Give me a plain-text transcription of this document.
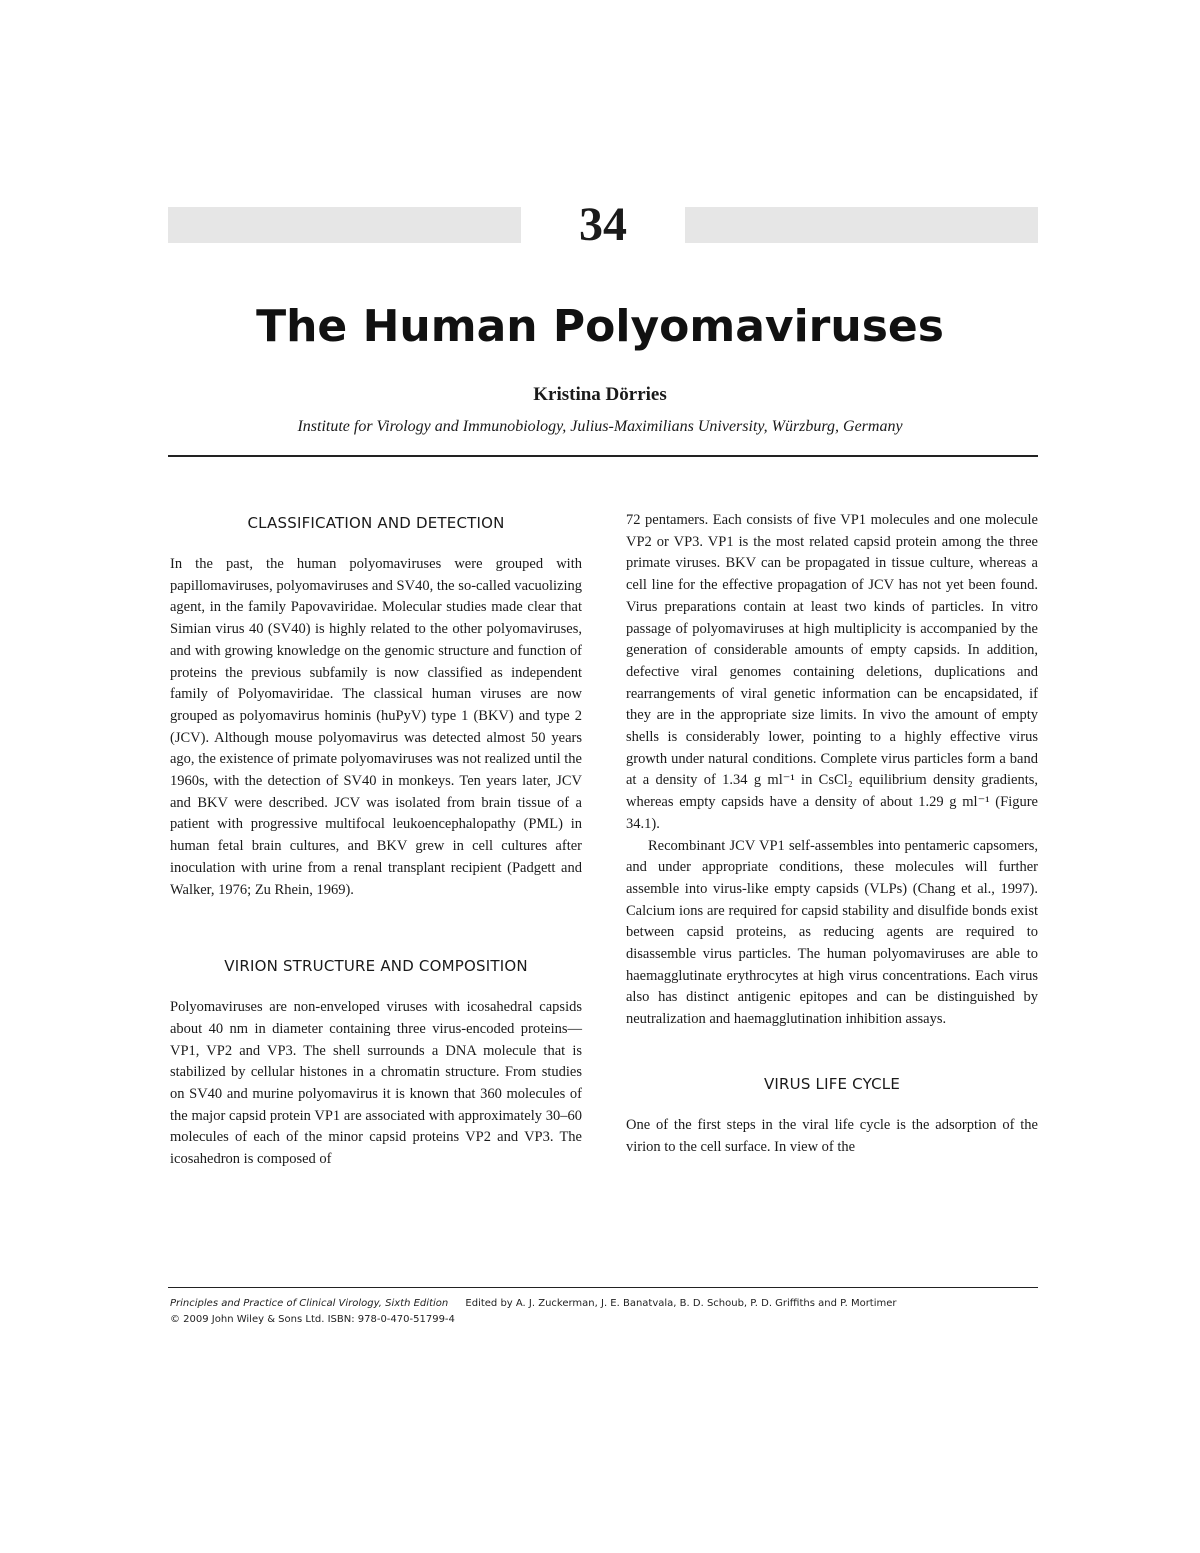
34
The Human Polyomaviruses
Kristina Dörries
Institute for Virology and Immunobiology, Julius-Maximilians University, Würzburg, Germany
CLASSIFICATION AND DETECTION

In the past, the human polyomaviruses were grouped with papillomaviruses, polyomaviruses and SV40, the so-called vacuolizing agent, in the family Papovaviridae. Molecular studies made clear that Simian virus 40 (SV40) is highly related to the other polyomaviruses, and with growing knowledge on the genomic structure and function of proteins the previous subfamily is now classified as independent family of Polyomaviridae. The classical human viruses are now grouped as polyomavirus hominis (huPyV) type 1 (BKV) and type 2 (JCV). Although mouse polyomavirus was detected almost 50 years ago, the existence of primate polyomaviruses was not realized until the 1960s, with the detection of SV40 in monkeys. Ten years later, JCV and BKV were described. JCV was isolated from brain tissue of a patient with progressive multifocal leukoencephalopathy (PML) in human fetal brain cultures, and BKV grew in cell cultures after inoculation with urine from a renal transplant recipient (Padgett and Walker, 1976; Zu Rhein, 1969).

VIRION STRUCTURE AND COMPOSITION

Polyomaviruses are non-enveloped viruses with icosahedral capsids about 40 nm in diameter containing three virus-encoded proteins—VP1, VP2 and VP3. The shell surrounds a DNA molecule that is stabilized by cellular histones in a chromatin structure. From studies on SV40 and murine polyomavirus it is known that 360 molecules of the major capsid protein VP1 are associated with approximately 30–60 molecules of each of the minor capsid proteins VP2 and VP3. The icosahedron is composed of

72 pentamers. Each consists of five VP1 molecules and one molecule VP2 or VP3. VP1 is the most related capsid protein among the three primate viruses. BKV can be propagated in tissue culture, whereas a cell line for the effective propagation of JCV has not yet been found. Virus preparations contain at least two kinds of particles. In vitro passage of polyomaviruses at high multiplicity is accompanied by the generation of considerable amounts of empty capsids. In addition, defective viral genomes containing deletions, duplications and rearrangements of viral genetic information can be encapsidated, if they are in the appropriate size limits. In vivo the amount of empty shells is considerably lower, pointing to a highly effective virus growth under natural conditions. Complete virus particles form a band at a density of 1.34 g ml⁻¹ in CsCl₂ equilibrium density gradients, whereas empty capsids have a density of about 1.29 g ml⁻¹ (Figure 34.1).

Recombinant JCV VP1 self-assembles into pentameric capsomers, and under appropriate conditions, these molecules will further assemble into virus-like empty capsids (VLPs) (Chang et al., 1997). Calcium ions are required for capsid stability and disulfide bonds exist between capsid proteins, as reducing agents are required to disassemble virus particles. The human polyomaviruses are able to haemagglutinate erythrocytes at high virus concentrations. Each virus also has distinct antigenic epitopes and can be distinguished by neutralization and haemagglutination inhibition assays.

VIRUS LIFE CYCLE

One of the first steps in the viral life cycle is the adsorption of the virion to the cell surface. In view of the

Principles and Practice of Clinical Virology, Sixth Edition Edited by A. J. Zuckerman, J. E. Banatvala, B. D. Schoub, P. D. Griffiths and P. Mortimer
© 2009 John Wiley & Sons Ltd. ISBN: 978-0-470-51799-4
